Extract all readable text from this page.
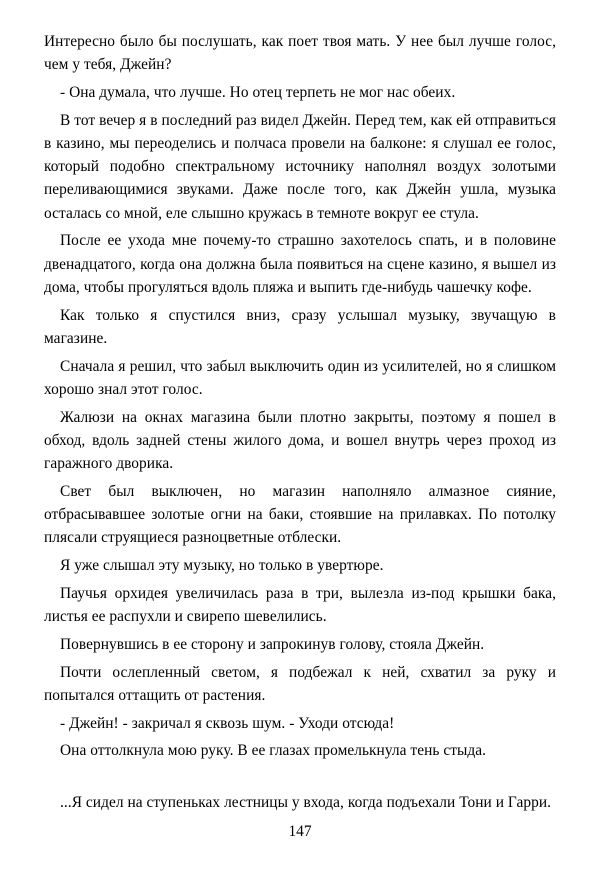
Интересно было бы послушать, как поет твоя мать. У нее был лучше голос, чем у тебя, Джейн?

- Она думала, что лучше. Но отец терпеть не мог нас обеих.

В тот вечер я в последний раз видел Джейн. Перед тем, как ей отправиться в казино, мы переоделись и полчаса провели на балконе: я слушал ее голос, который подобно спектральному источнику наполнял воздух золотыми переливающимися звуками. Даже после того, как Джейн ушла, музыка осталась со мной, еле слышно кружась в темноте вокруг ее стула.

После ее ухода мне почему-то страшно захотелось спать, и в половине двенадцатого, когда она должна была появиться на сцене казино, я вышел из дома, чтобы прогуляться вдоль пляжа и выпить где-нибудь чашечку кофе.

Как только я спустился вниз, сразу услышал музыку, звучащую в магазине.

Сначала я решил, что забыл выключить один из усилителей, но я слишком хорошо знал этот голос.

Жалюзи на окнах магазина были плотно закрыты, поэтому я пошел в обход, вдоль задней стены жилого дома, и вошел внутрь через проход из гаражного дворика.

Свет был выключен, но магазин наполняло алмазное сияние, отбрасывавшее золотые огни на баки, стоявшие на прилавках. По потолку плясали струящиеся разноцветные отблески.

Я уже слышал эту музыку, но только в увертюре.

Паучья орхидея увеличилась раза в три, вылезла из-под крышки бака, листья ее распухли и свирепо шевелились.

Повернувшись в ее сторону и запрокинув голову, стояла Джейн.

Почти ослепленный светом, я подбежал к ней, схватил за руку и попытался оттащить от растения.

- Джейн! - закричал я сквозь шум. - Уходи отсюда!

Она оттолкнула мою руку. В ее глазах промелькнула тень стыда.

...Я сидел на ступеньках лестницы у входа, когда подъехали Тони и Гарри.

147
